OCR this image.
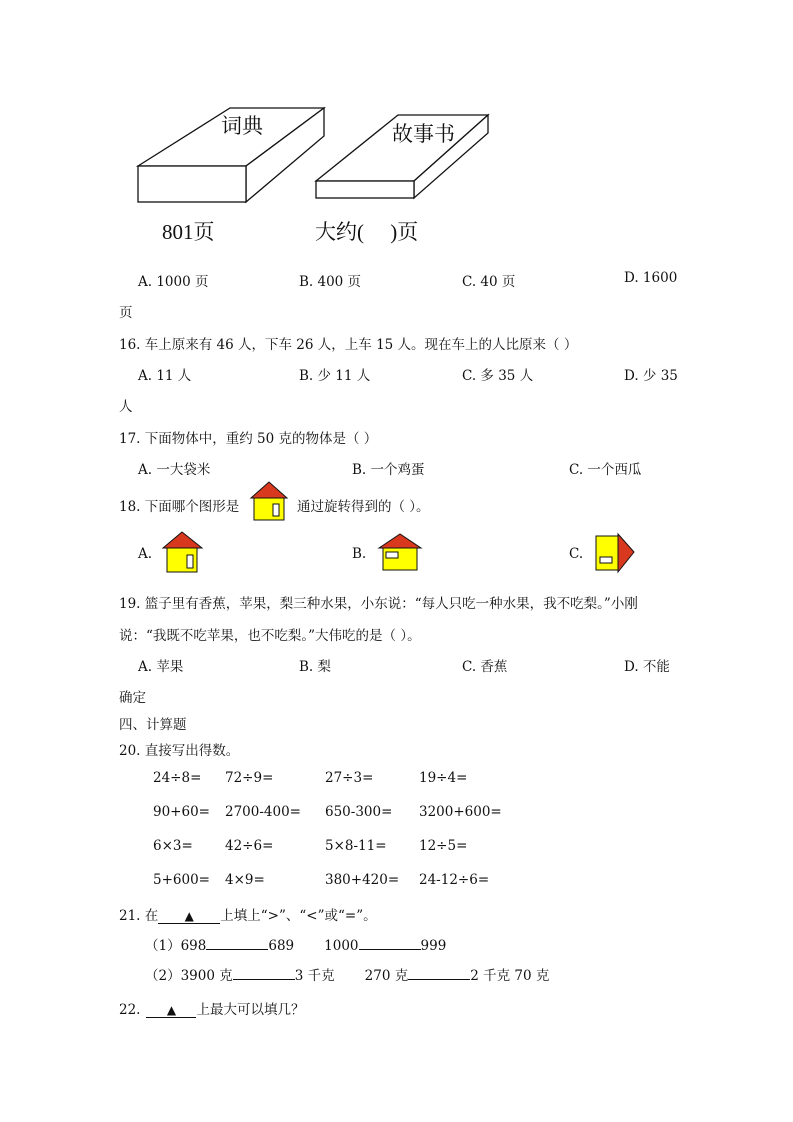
词典	故事书
801页	大约(     )页
A. 1000 页	B. 400 页	C. 40 页	D. 1600
页
16. 车上原来有 46 人，下车 26 人，上车 15 人。现在车上的人比原来（ ）
A. 11 人	B. 少 11 人	C. 多 35 人	D. 少 35
人
17. 下面物体中，重约 50 克的物体是（ ）
A. 一大袋米	B. 一个鸡蛋	C. 一个西瓜
18. 下面哪个图形是	通过旋转得到的（ ）。
A.	B.	C.
19. 篮子里有香蕉，苹果，梨三种水果，小东说：“每人只吃一种水果，我不吃梨。”小刚
说：“我既不吃苹果，也不吃梨。”大伟吃的是（ ）。
A. 苹果	B. 梨	C. 香蕉	D. 不能
确定
四、计算题
20. 直接写出得数。
24÷8= 72÷9=	27÷3=	19÷4=
90+60= 2700-400= 650-300= 3200+600=
6×3= 42÷6=	5×8-11= 12÷5=
5+600= 4×9=	380+420= 24-12÷6=
21. 在 ▲ 上填上“>”、“<”或“=”。
（1）698	689 1000	999
（2）3900 克	3 千克 270 克	2 千克 70 克
22. ▲ 上最大可以填几？
